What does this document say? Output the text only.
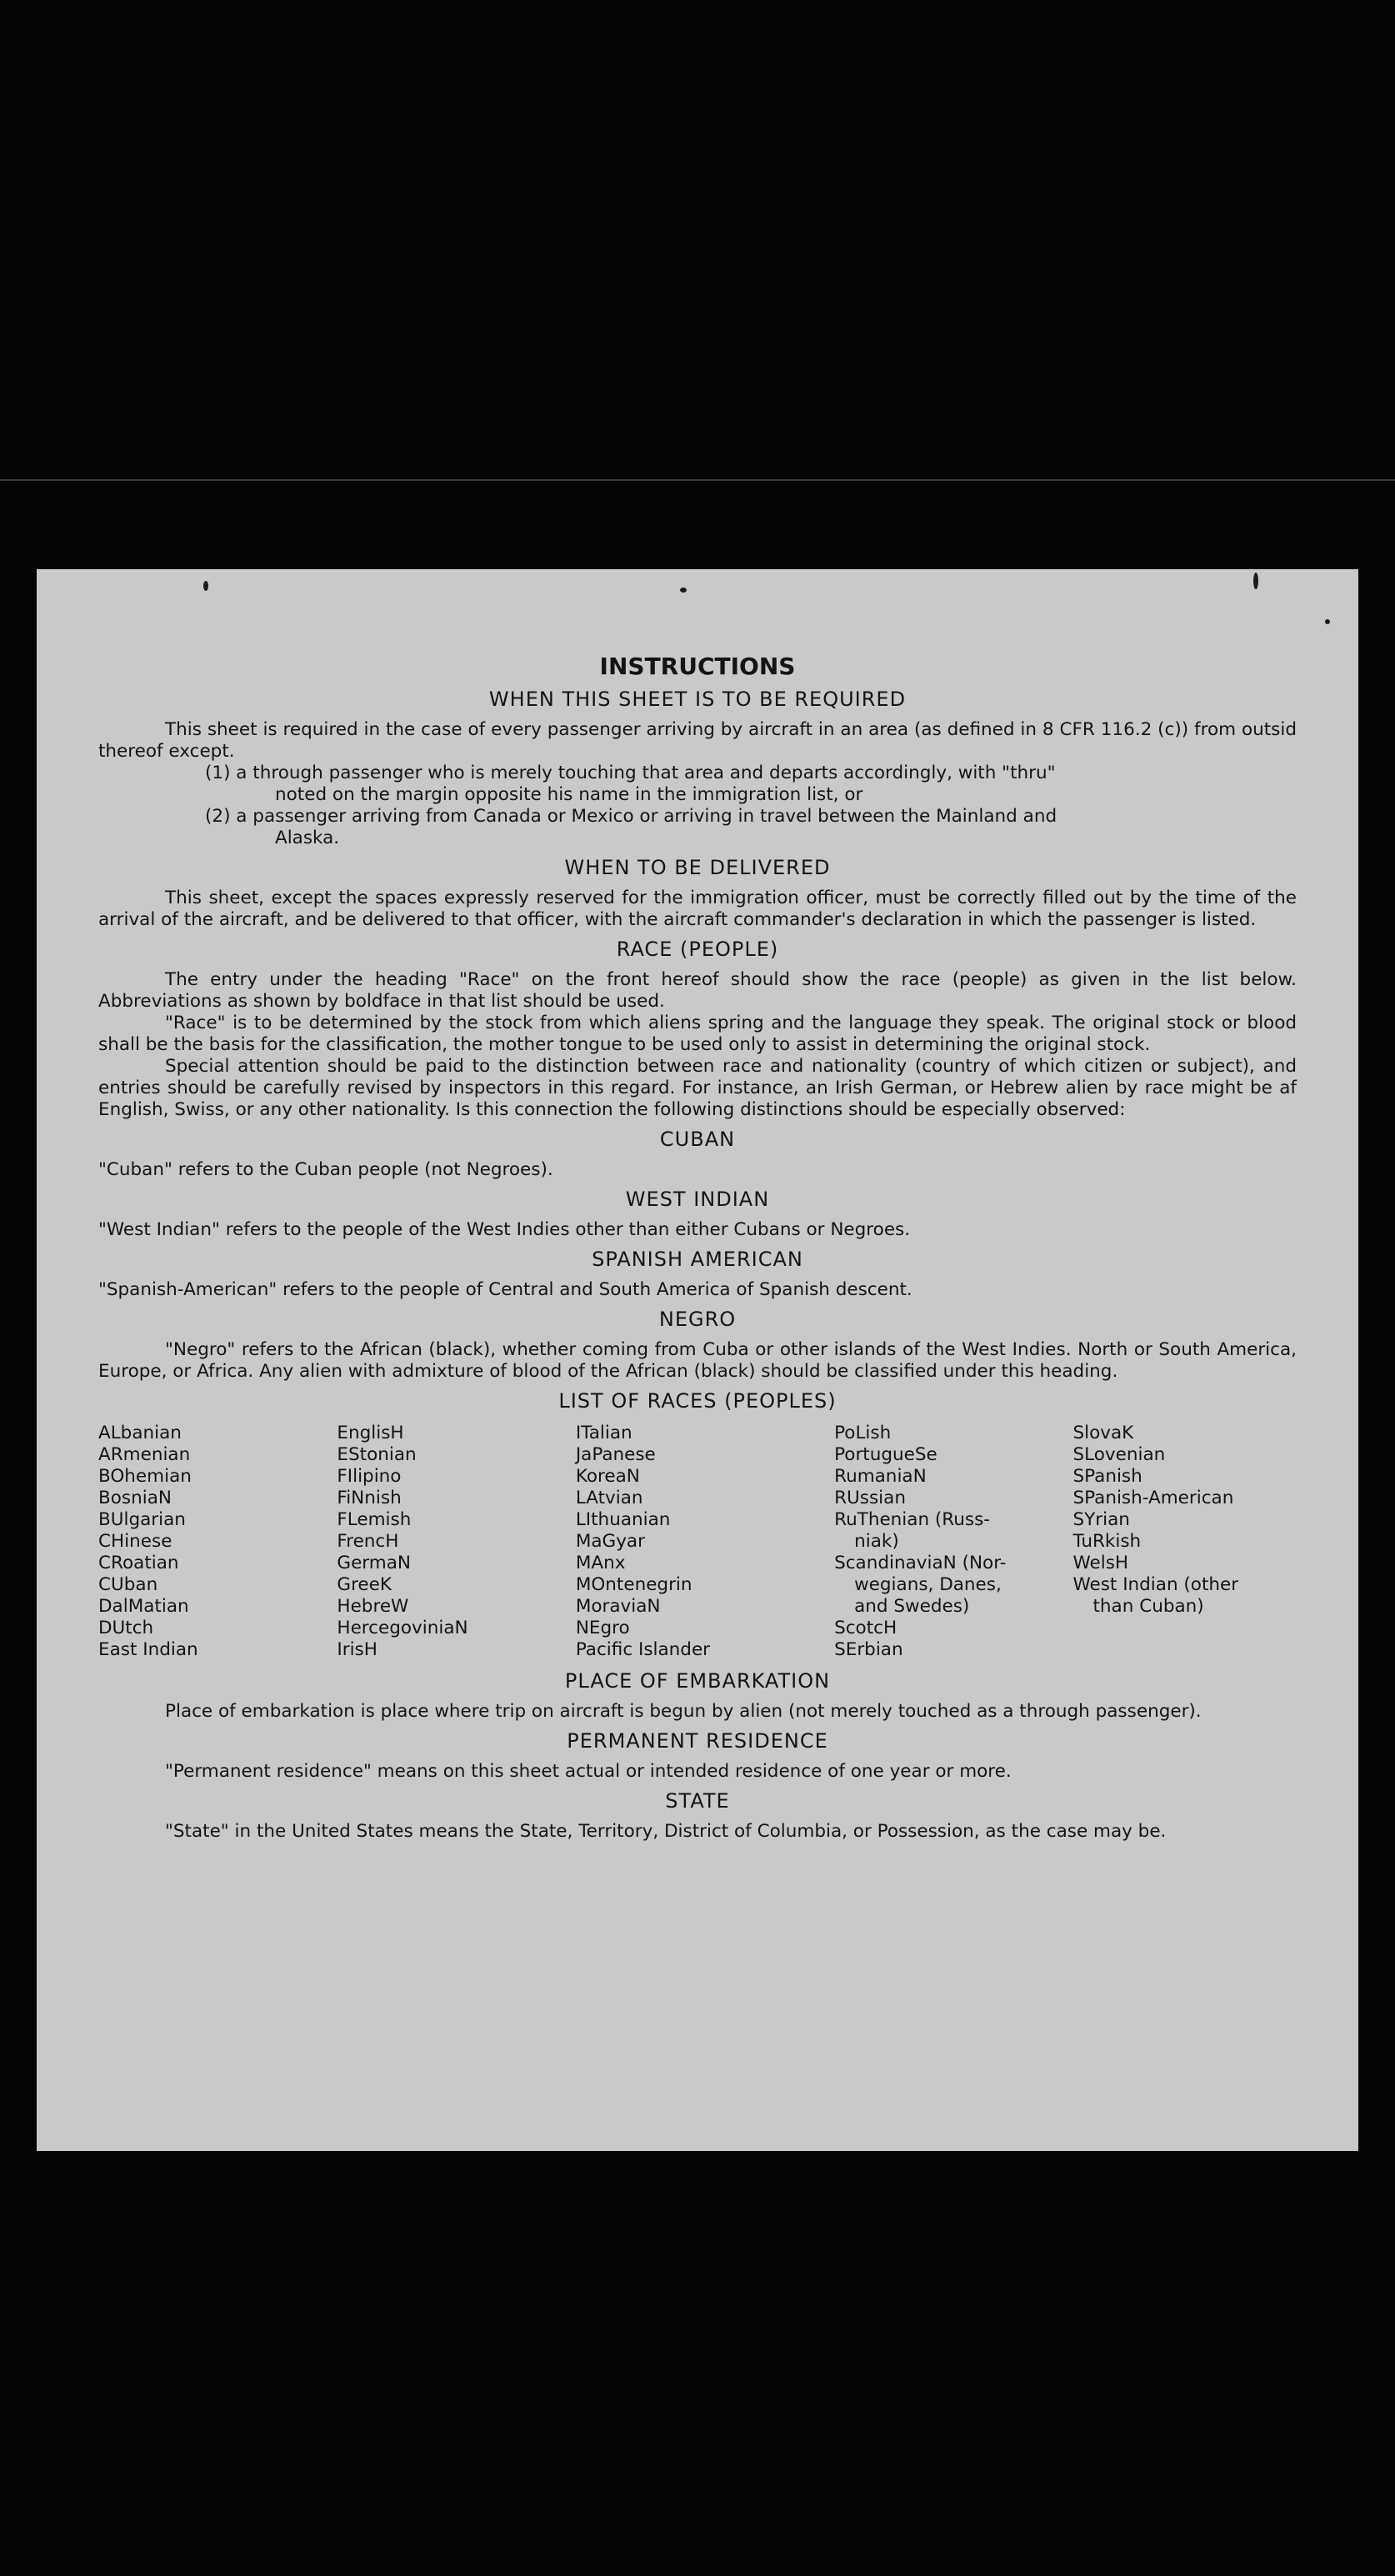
INSTRUCTIONS
WHEN THIS SHEET IS TO BE REQUIRED

This sheet is required in the case of every passenger arriving by aircraft in an area (as defined in 8 CFR 116.2 (c)) from outsid thereof except.

(1) a through passenger who is merely touching that area and departs accordingly, with "thru"
noted on the margin opposite his name in the immigration list, or

(2) a passenger arriving from Canada or Mexico or arriving in travel between the Mainland and
Alaska.

WHEN TO BE DELIVERED

This sheet, except the spaces expressly reserved for the immigration officer, must be correctly filled out by the time of the arrival of the aircraft, and be delivered to that officer, with the aircraft commander's declaration in which the passenger is listed.

RACE (PEOPLE)

The entry under the heading "Race" on the front hereof should show the race (people) as given in the list below. Abbreviations as shown by boldface in that list should be used.

"Race" is to be determined by the stock from which aliens spring and the language they speak. The original stock or blood shall be the basis for the classification, the mother tongue to be used only to assist in determining the original stock.

Special attention should be paid to the distinction between race and nationality (country of which citizen or subject), and entries should be carefully revised by inspectors in this regard. For instance, an Irish German, or Hebrew alien by race might be af English, Swiss, or any other nationality. Is this connection the following distinctions should be especially observed:

CUBAN

"Cuban" refers to the Cuban people (not Negroes).

WEST INDIAN

"West Indian" refers to the people of the West Indies other than either Cubans or Negroes.

SPANISH AMERICAN

"Spanish-American" refers to the people of Central and South America of Spanish descent.

NEGRO

"Negro" refers to the African (black), whether coming from Cuba or other islands of the West Indies. North or South America, Europe, or Africa. Any alien with admixture of blood of the African (black) should be classified under this heading.

LIST OF RACES (PEOPLES)
ALbanian
ARmenian
BOhemian
BosniaN
BUlgarian
CHinese
CRoatian
CUban
DalMatian
DUtch
East Indian
EnglisH
EStonian
FIlipino
FiNnish
FLemish
FrencH
GermaN
GreeK
HebreW
HercegoviniaN
IrisH
ITalian
JaPanese
KoreaN
LAtvian
LIthuanian
MaGyar
MAnx
MOntenegrin
MoraviaN
NEgro
Pacific Islander
PoLish
PortugueSe
RumaniaN
RUssian
RuThenian (Russ-
niak)
ScandinaviaN (Nor-
wegians, Danes,
and Swedes)
ScotcH
SErbian
SlovaK
SLovenian
SPanish
SPanish-American
SYrian
TuRkish
WelsH
West Indian (other
than Cuban)
PLACE OF EMBARKATION

Place of embarkation is place where trip on aircraft is begun by alien (not merely touched as a through passenger).

PERMANENT RESIDENCE

"Permanent residence" means on this sheet actual or intended residence of one year or more.

STATE

"State" in the United States means the State, Territory, District of Columbia, or Possession, as the case may be.
